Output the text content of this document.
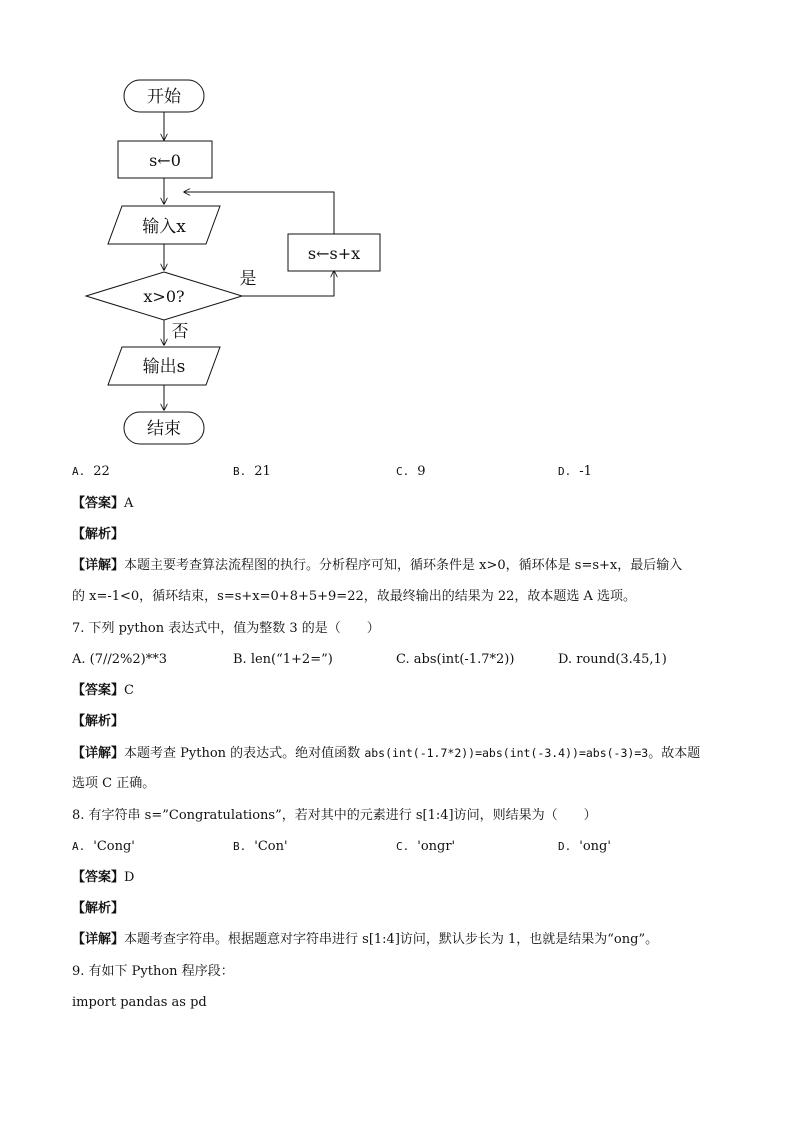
开始
s←0
输入x
x>0?
是
s←s+x
否
输出s
结束
A. 22	B. 21	C. 9	D. -1
【答案】A
【解析】
【详解】本题主要考查算法流程图的执行。分析程序可知，循环条件是 x>0，循环体是 s=s+x，最后输入
的 x=-1<0，循环结束，s=s+x=0+8+5+9=22，故最终输出的结果为 22，故本题选 A 选项。
7. 下列 python 表达式中，值为整数 3 的是（　　）
A. (7//2%2)**3	B. len(“1+2=”)	C. abs(int(-1.7*2))	D. round(3.45,1)
【答案】C
【解析】
【详解】本题考查 Python 的表达式。绝对值函数 abs(int(-1.7*2))=abs(int(-3.4))=abs(-3)=3。故本题
选项 C 正确。
8. 有字符串 s=”Congratulations”，若对其中的元素进行 s[1:4]访问，则结果为（　　）
A. 'Cong'	B. 'Con'	C. 'ongr'	D. 'ong'
【答案】D
【解析】
【详解】本题考查字符串。根据题意对字符串进行 s[1:4]访问，默认步长为 1，也就是结果为“ong”。
9. 有如下 Python 程序段：
import pandas as pd
